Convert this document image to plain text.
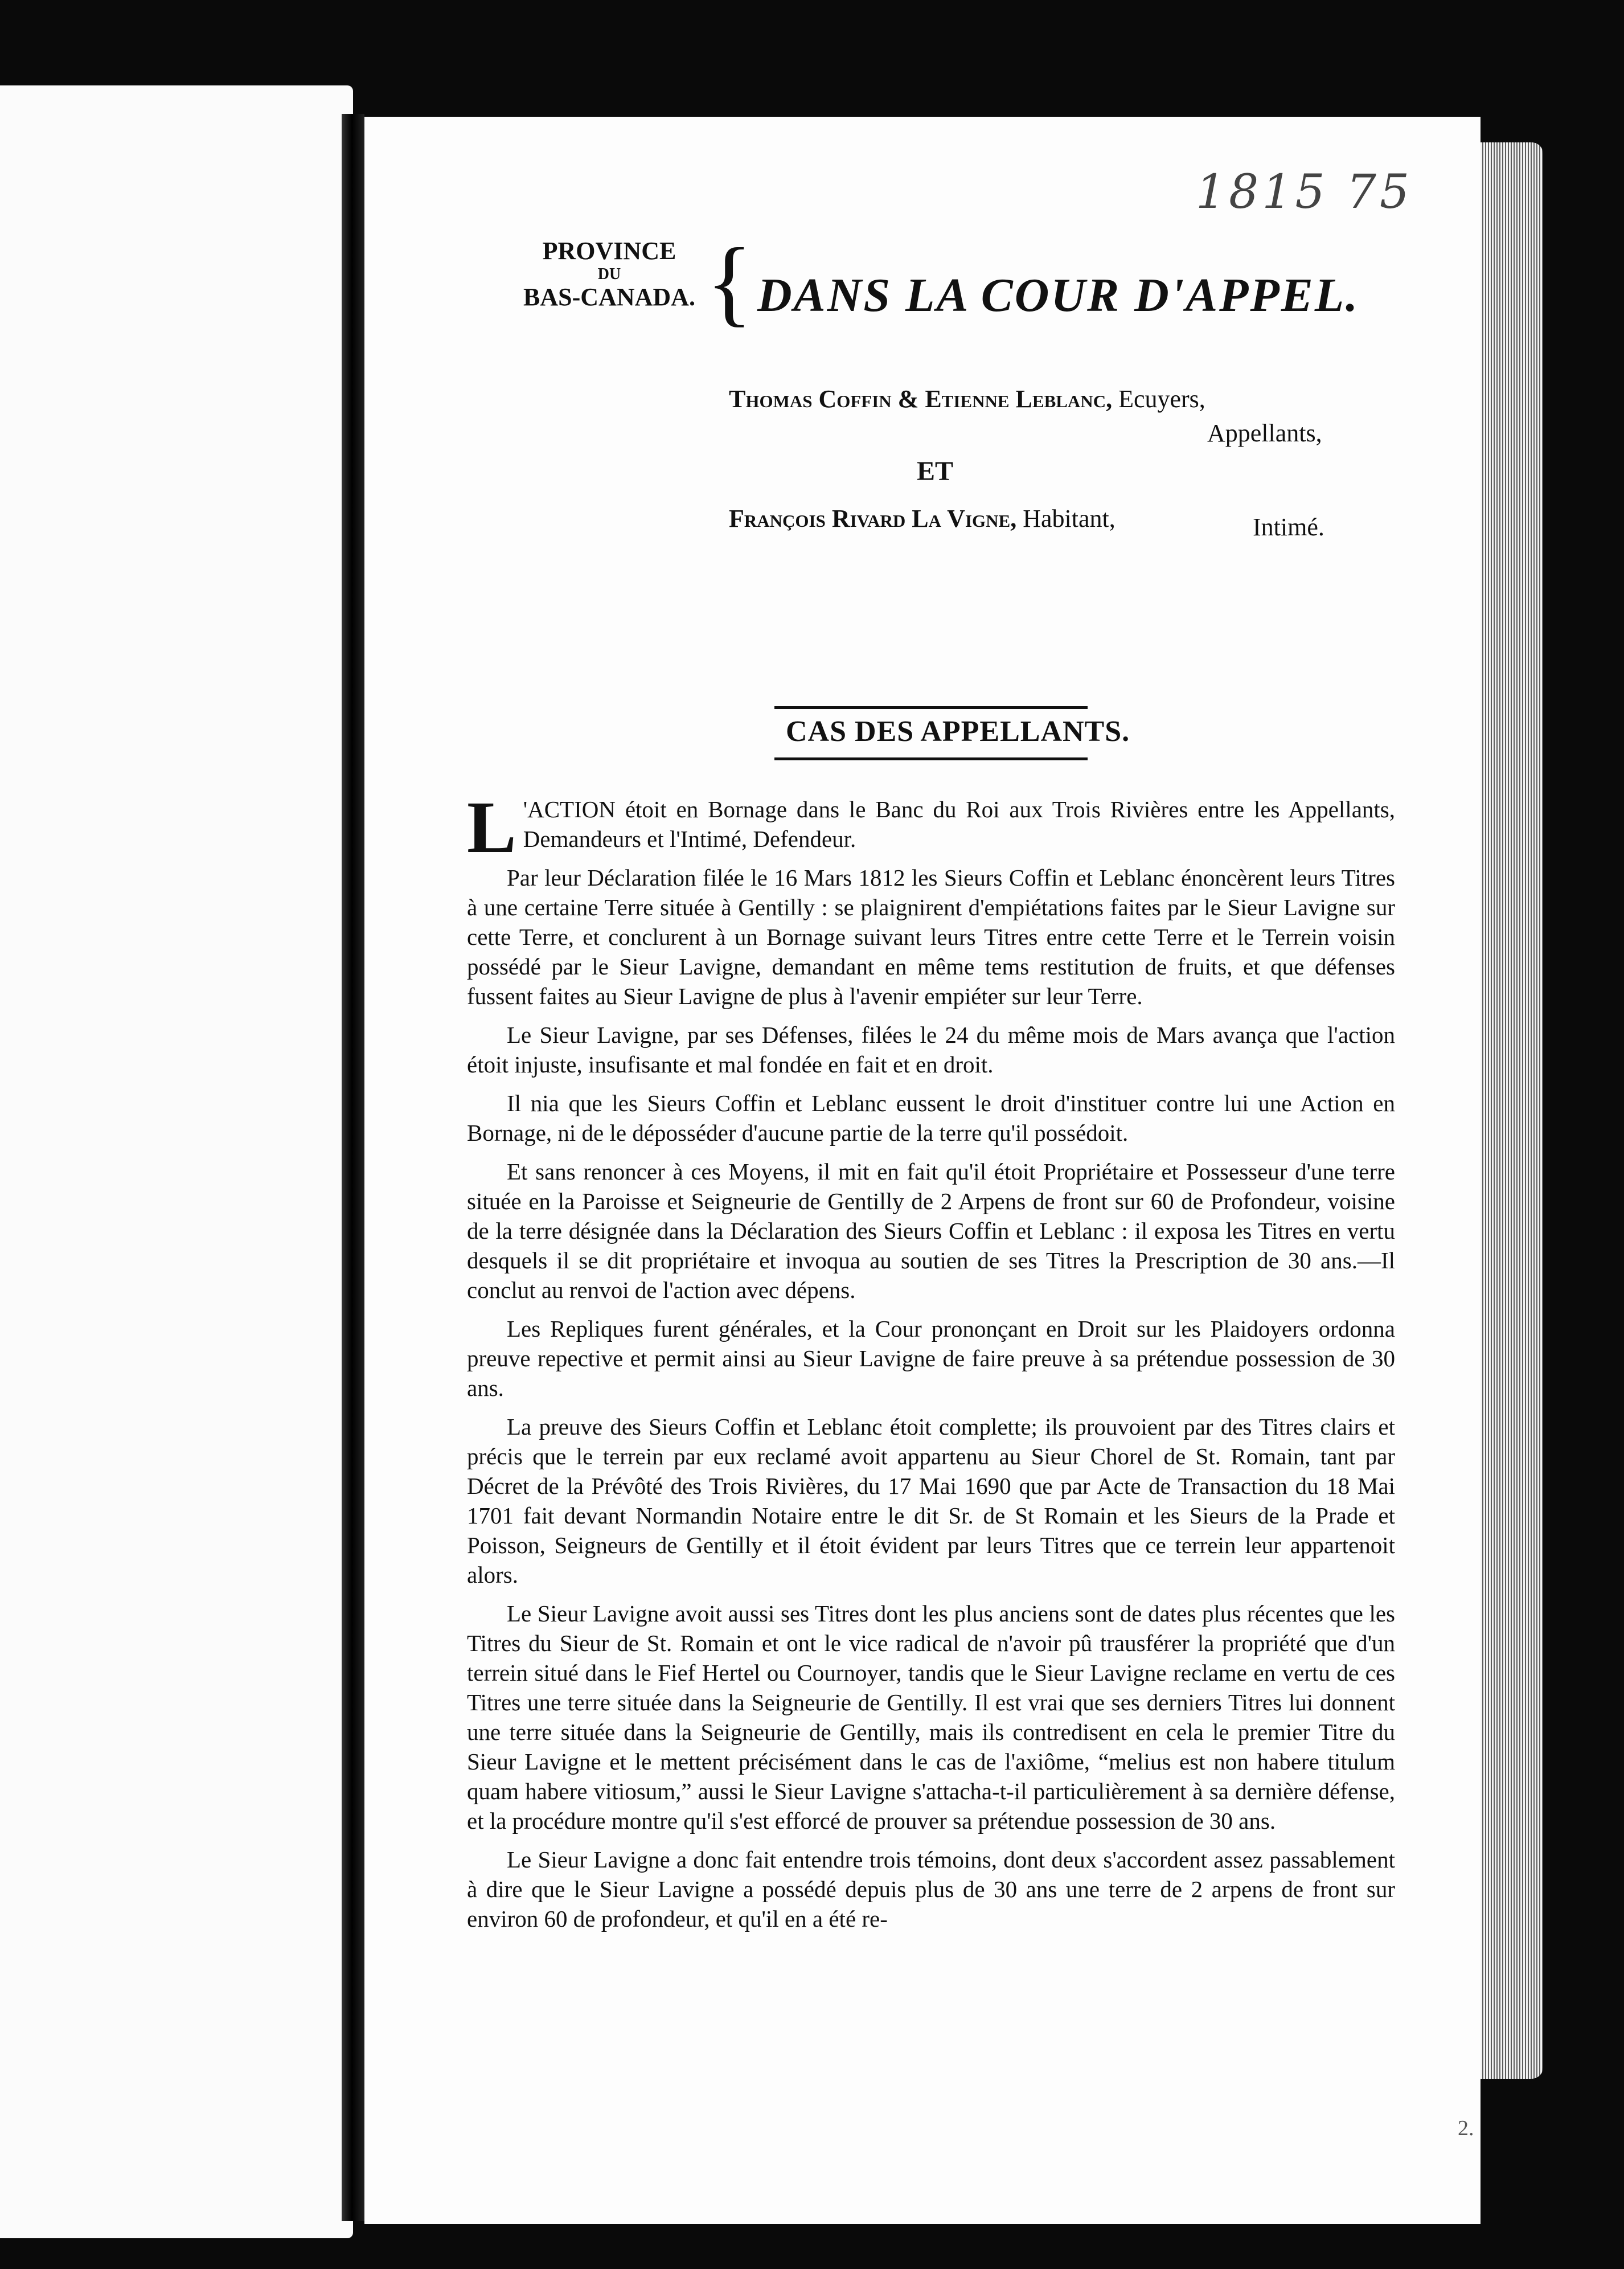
1815 75
PROVINCE
DU
BAS-CANADA. { DANS LA COUR D'APPEL.
Thomas Coffin & Etienne Leblanc, Ecuyers,
Appellants,
ET
François Rivard La Vigne, Habitant,	Intimé.
CAS DES APPELLANTS.

L 'ACTION étoit en Bornage dans le Banc du Roi aux Trois Rivières entre les Appellants, Demandeurs et l'Intimé, Defendeur.

Par leur Déclaration filée le 16 Mars 1812 les Sieurs Coffin et Leblanc énoncèrent leurs Titres à une certaine Terre située à Gentilly : se plaignirent d'empiétations faites par le Sieur Lavigne sur cette Terre, et conclurent à un Bornage suivant leurs Titres entre cette Terre et le Terrein voisin possédé par le Sieur Lavigne, demandant en même tems restitution de fruits, et que défenses fussent faites au Sieur Lavigne de plus à l'avenir empiéter sur leur Terre.

Le Sieur Lavigne, par ses Défenses, filées le 24 du même mois de Mars avança que l'action étoit injuste, insufisante et mal fondée en fait et en droit.

Il nia que les Sieurs Coffin et Leblanc eussent le droit d'instituer contre lui une Action en Bornage, ni de le déposséder d'aucune partie de la terre qu'il possédoit.

Et sans renoncer à ces Moyens, il mit en fait qu'il étoit Propriétaire et Possesseur d'une terre située en la Paroisse et Seigneurie de Gentilly de 2 Arpens de front sur 60 de Profondeur, voisine de la terre désignée dans la Déclaration des Sieurs Coffin et Leblanc : il exposa les Titres en vertu desquels il se dit propriétaire et invoqua au soutien de ses Titres la Prescription de 30 ans.—Il conclut au renvoi de l'action avec dépens.

Les Repliques furent générales, et la Cour prononçant en Droit sur les Plaidoyers ordonna preuve repective et permit ainsi au Sieur Lavigne de faire preuve à sa prétendue possession de 30 ans.

La preuve des Sieurs Coffin et Leblanc étoit complette; ils prouvoient par des Titres clairs et précis que le terrein par eux reclamé avoit appartenu au Sieur Chorel de St. Romain, tant par Décret de la Prévôté des Trois Rivières, du 17 Mai 1690 que par Acte de Transaction du 18 Mai 1701 fait devant Normandin Notaire entre le dit Sr. de St Romain et les Sieurs de la Prade et Poisson, Seigneurs de Gentilly et il étoit évident par leurs Titres que ce terrein leur appartenoit alors.

Le Sieur Lavigne avoit aussi ses Titres dont les plus anciens sont de dates plus récentes que les Titres du Sieur de St. Romain et ont le vice radical de n'avoir pû trausférer la propriété que d'un terrein situé dans le Fief Hertel ou Cournoyer, tandis que le Sieur Lavigne reclame en vertu de ces Titres une terre située dans la Seigneurie de Gentilly. Il est vrai que ses derniers Titres lui donnent une terre située dans la Seigneurie de Gentilly, mais ils contredisent en cela le premier Titre du Sieur Lavigne et le mettent précisément dans le cas de l'axiôme, “melius est non habere titulum quam habere vitiosum,” aussi le Sieur Lavigne s'attacha-t-il particulièrement à sa dernière défense, et la procédure montre qu'il s'est efforcé de prouver sa prétendue possession de 30 ans.

Le Sieur Lavigne a donc fait entendre trois témoins, dont deux s'accordent assez passablement à dire que le Sieur Lavigne a possédé depuis plus de 30 ans une terre de 2 arpens de front sur environ 60 de profondeur, et qu'il en a été re-

2.
